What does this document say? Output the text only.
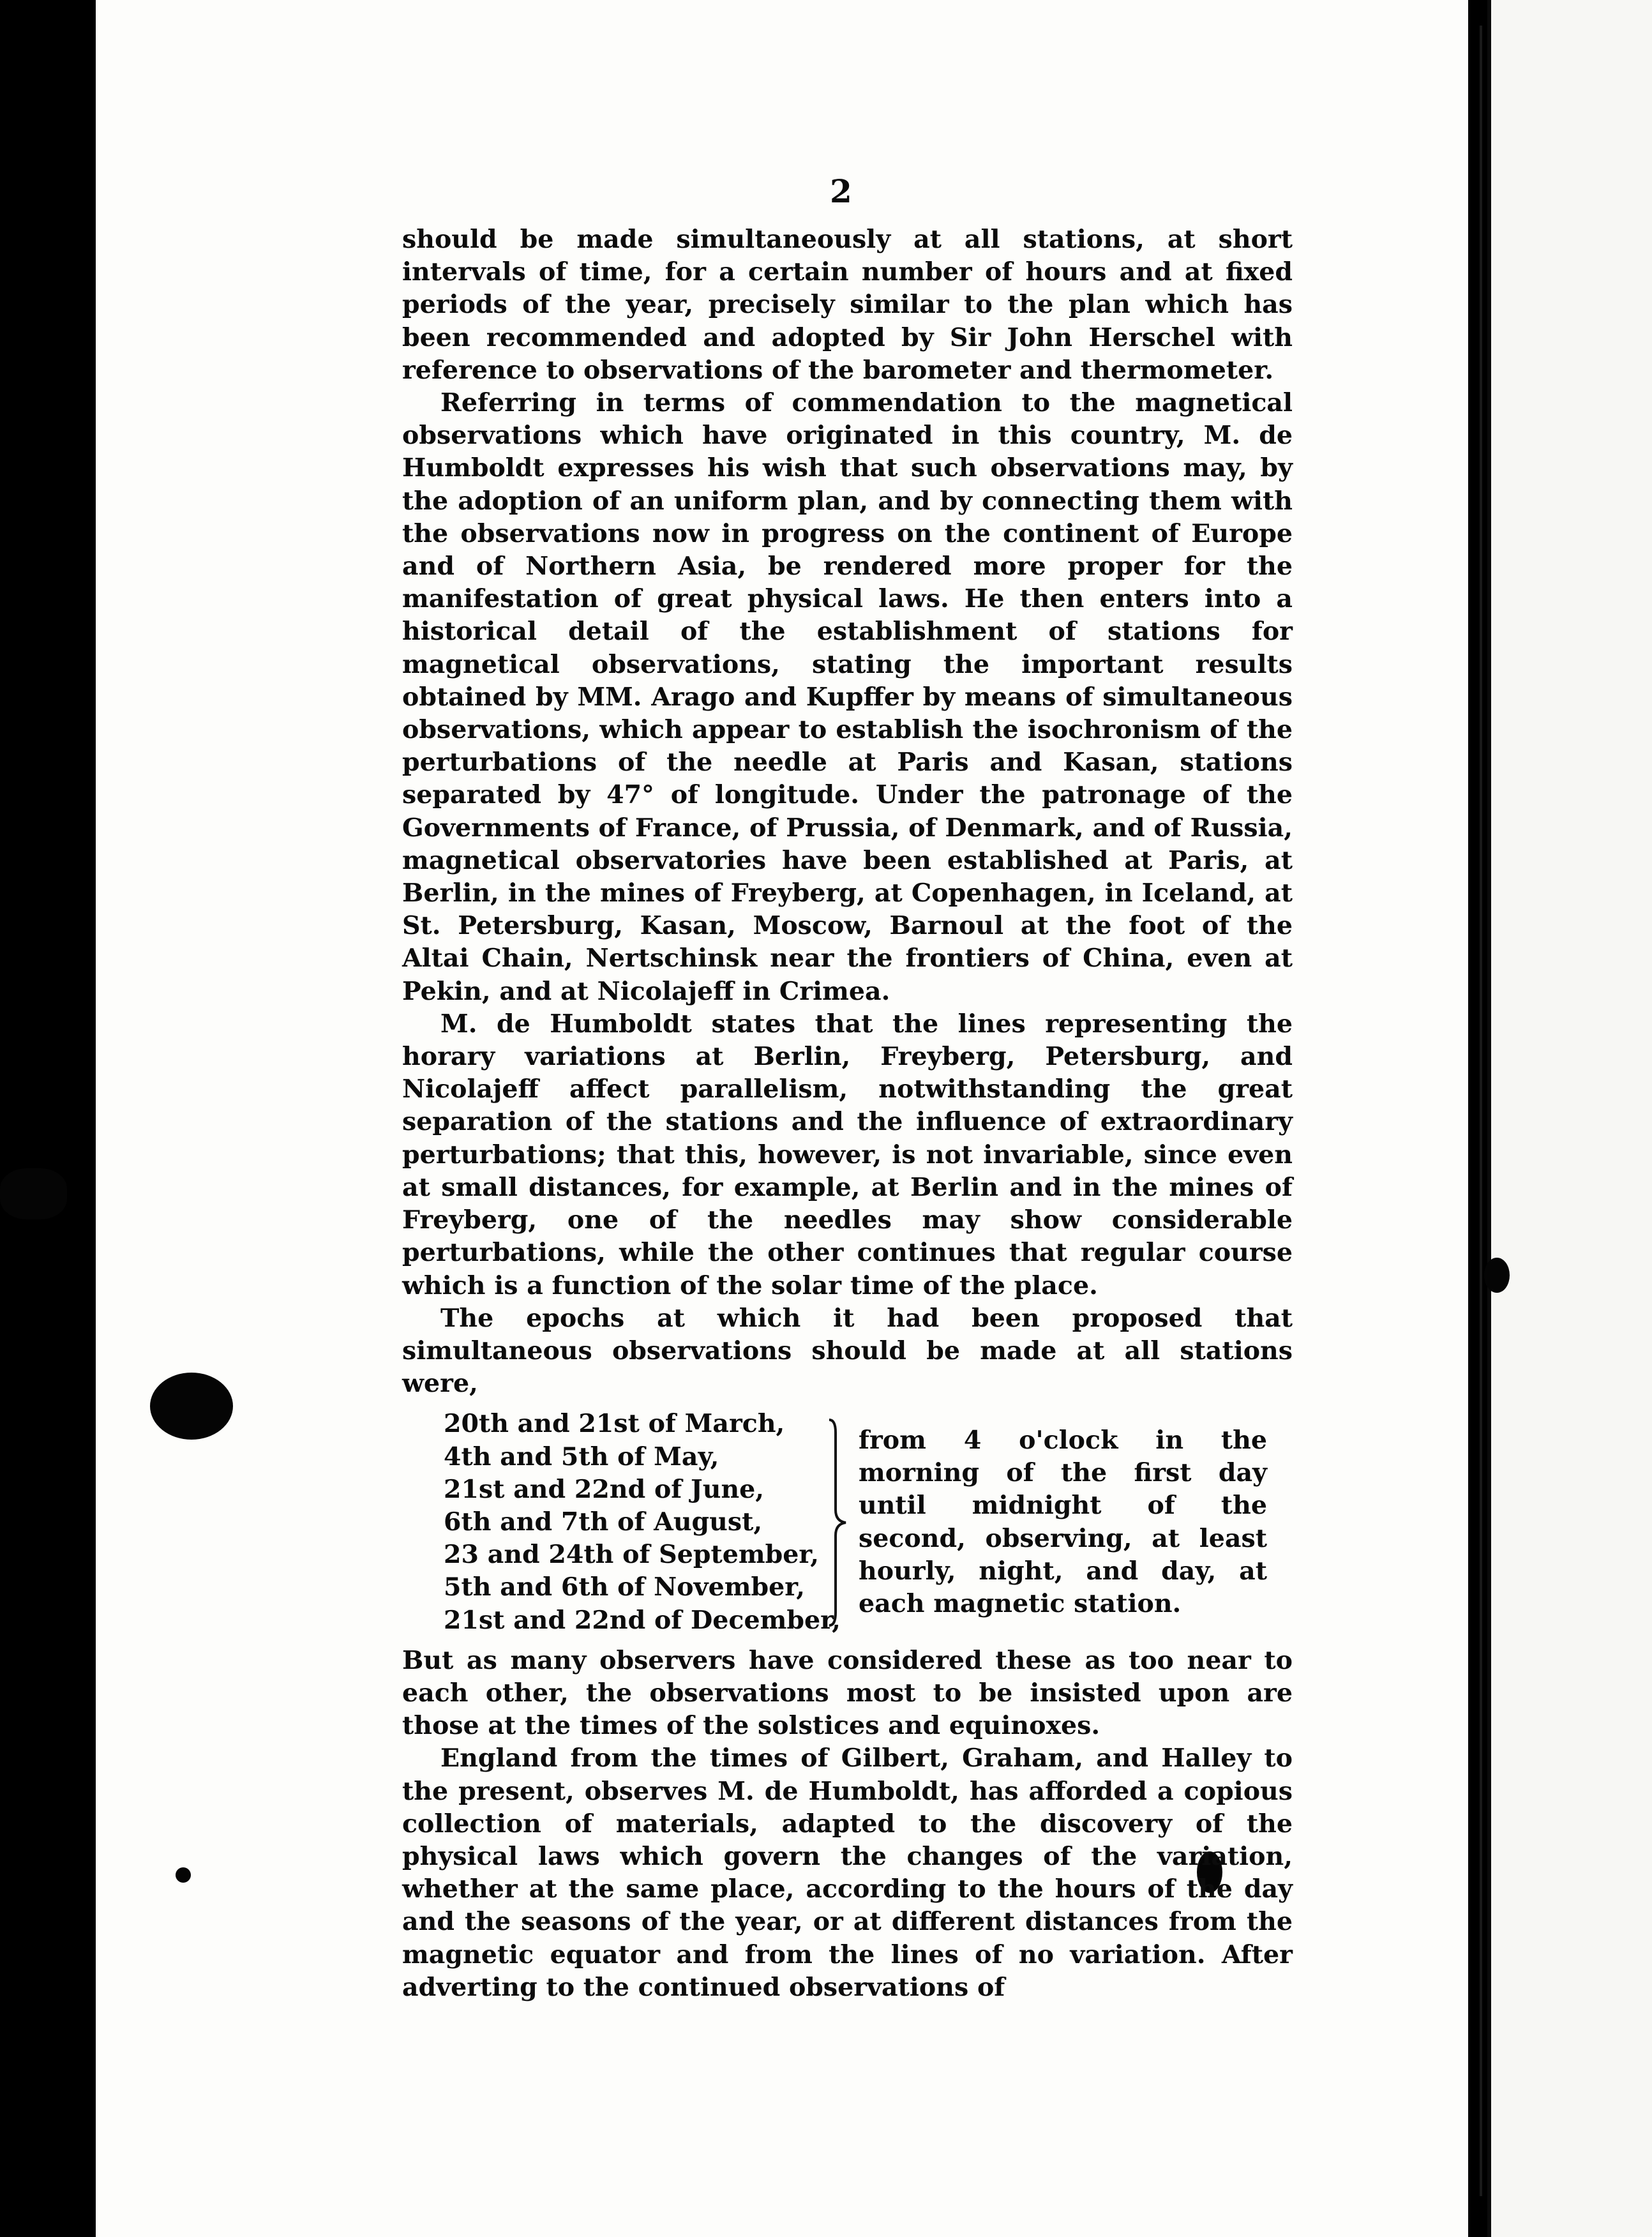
2

should be made simultaneously at all stations, at short intervals of time, for a certain number of hours and at fixed periods of the year, precisely similar to the plan which has been recommended and adopted by Sir John Herschel with reference to observations of the barometer and thermometer.

Referring in terms of commendation to the magnetical observations which have originated in this country, M. de Humboldt expresses his wish that such observations may, by the adoption of an uniform plan, and by connecting them with the observations now in progress on the continent of Europe and of Northern Asia, be rendered more proper for the manifestation of great physical laws. He then enters into a historical detail of the establishment of stations for magnetical observations, stating the important results obtained by MM. Arago and Kupffer by means of simultaneous observations, which appear to establish the isochronism of the perturbations of the needle at Paris and Kasan, stations separated by 47° of longitude. Under the patronage of the Governments of France, of Prussia, of Denmark, and of Russia, magnetical observatories have been established at Paris, at Berlin, in the mines of Freyberg, at Copenhagen, in Iceland, at St. Petersburg, Kasan, Moscow, Barnoul at the foot of the Altai Chain, Nertschinsk near the frontiers of China, even at Pekin, and at Nicolajeff in Crimea.

M. de Humboldt states that the lines representing the horary variations at Berlin, Freyberg, Petersburg, and Nicolajeff affect parallelism, notwithstanding the great separation of the stations and the influence of extraordinary perturbations; that this, however, is not invariable, since even at small distances, for example, at Berlin and in the mines of Freyberg, one of the needles may show considerable perturbations, while the other continues that regular course which is a function of the solar time of the place.

The epochs at which it had been proposed that simultaneous observations should be made at all stations were,

20th and 21st of March,
4th and 5th of May,
21st and 22nd of June,
6th and 7th of August,
23 and 24th of September,
5th and 6th of November,
21st and 22nd of December,
from 4 o'clock in the morning of the first day until midnight of the second, observing, at least hourly, night, and day, at each magnetic station.

But as many observers have considered these as too near to each other, the observations most to be insisted upon are those at the times of the solstices and equinoxes.

England from the times of Gilbert, Graham, and Halley to the present, observes M. de Humboldt, has afforded a copious collection of materials, adapted to the discovery of the physical laws which govern the changes of the variation, whether at the same place, according to the hours of the day and the seasons of the year, or at different distances from the magnetic equator and from the lines of no variation. After adverting to the continued observations of
